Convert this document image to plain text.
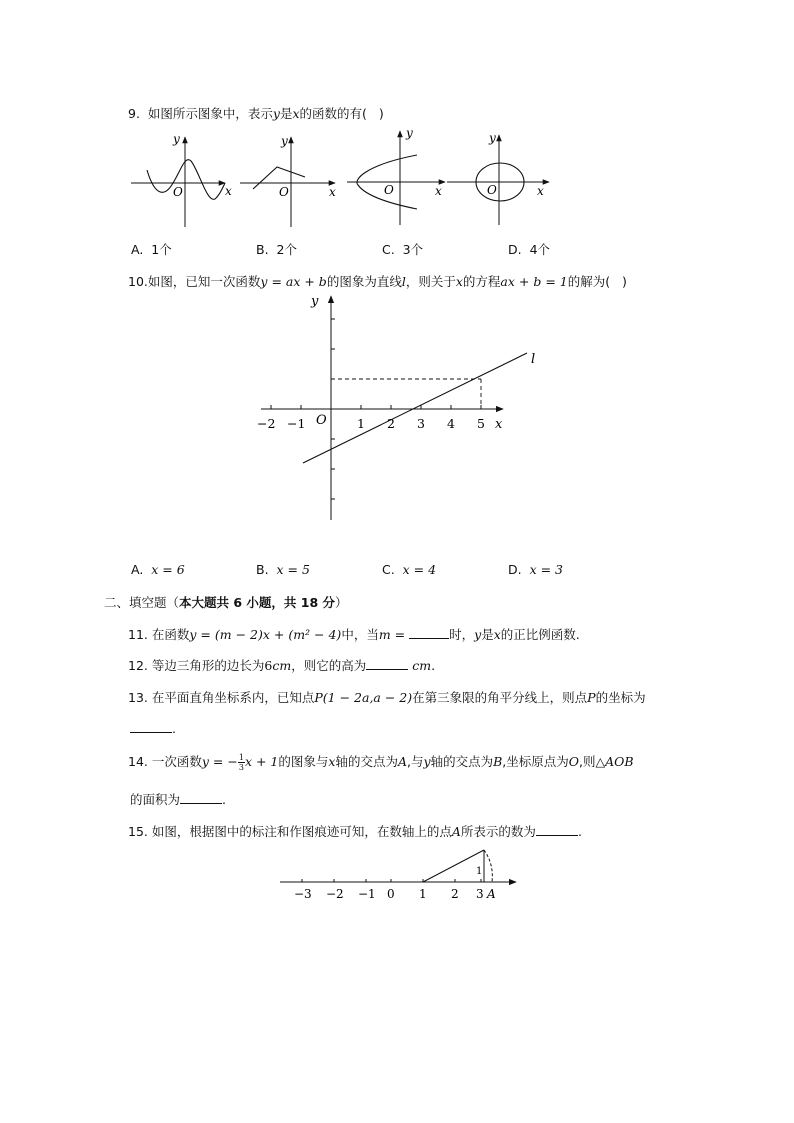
9. 如图所示图象中，表示y是x的函数的有( )
y
O	x
y
O	x
y
O	x
y
O	x
A. 1个	B. 2个	C. 3个	D. 4个
10.如图，已知一次函数y = ax + b的图象为直线l，则关于x的方程ax + b = 1的解为( )
y
x
O
l
−2 −1	1 2 3 4 5
A. x = 6	B. x = 5	C. x = 4	D. x = 3
二、填空题（本大题共 6 小题，共 18 分）
11. 在函数y = (m − 2)x + (m² − 4)中，当m =	时，y是x的正比例函数.
12. 等边三角形的边长为6cm，则它的高为	cm.
13. 在平面直角坐标系内，已知点P(1 − 2a,a − 2)在第三象限的角平分线上，则点P的坐标为
.
14. 一次函数y = − $\frac{1}{3}$ x + 1的图象与x轴的交点为A,与y轴的交点为B,坐标原点为O,则△AOB
的面积为	.
15. 如图，根据图中的标注和作图痕迹可知，在数轴上的点A所表示的数为	.
−3 −2 −1 0 1 2 3
1
A
